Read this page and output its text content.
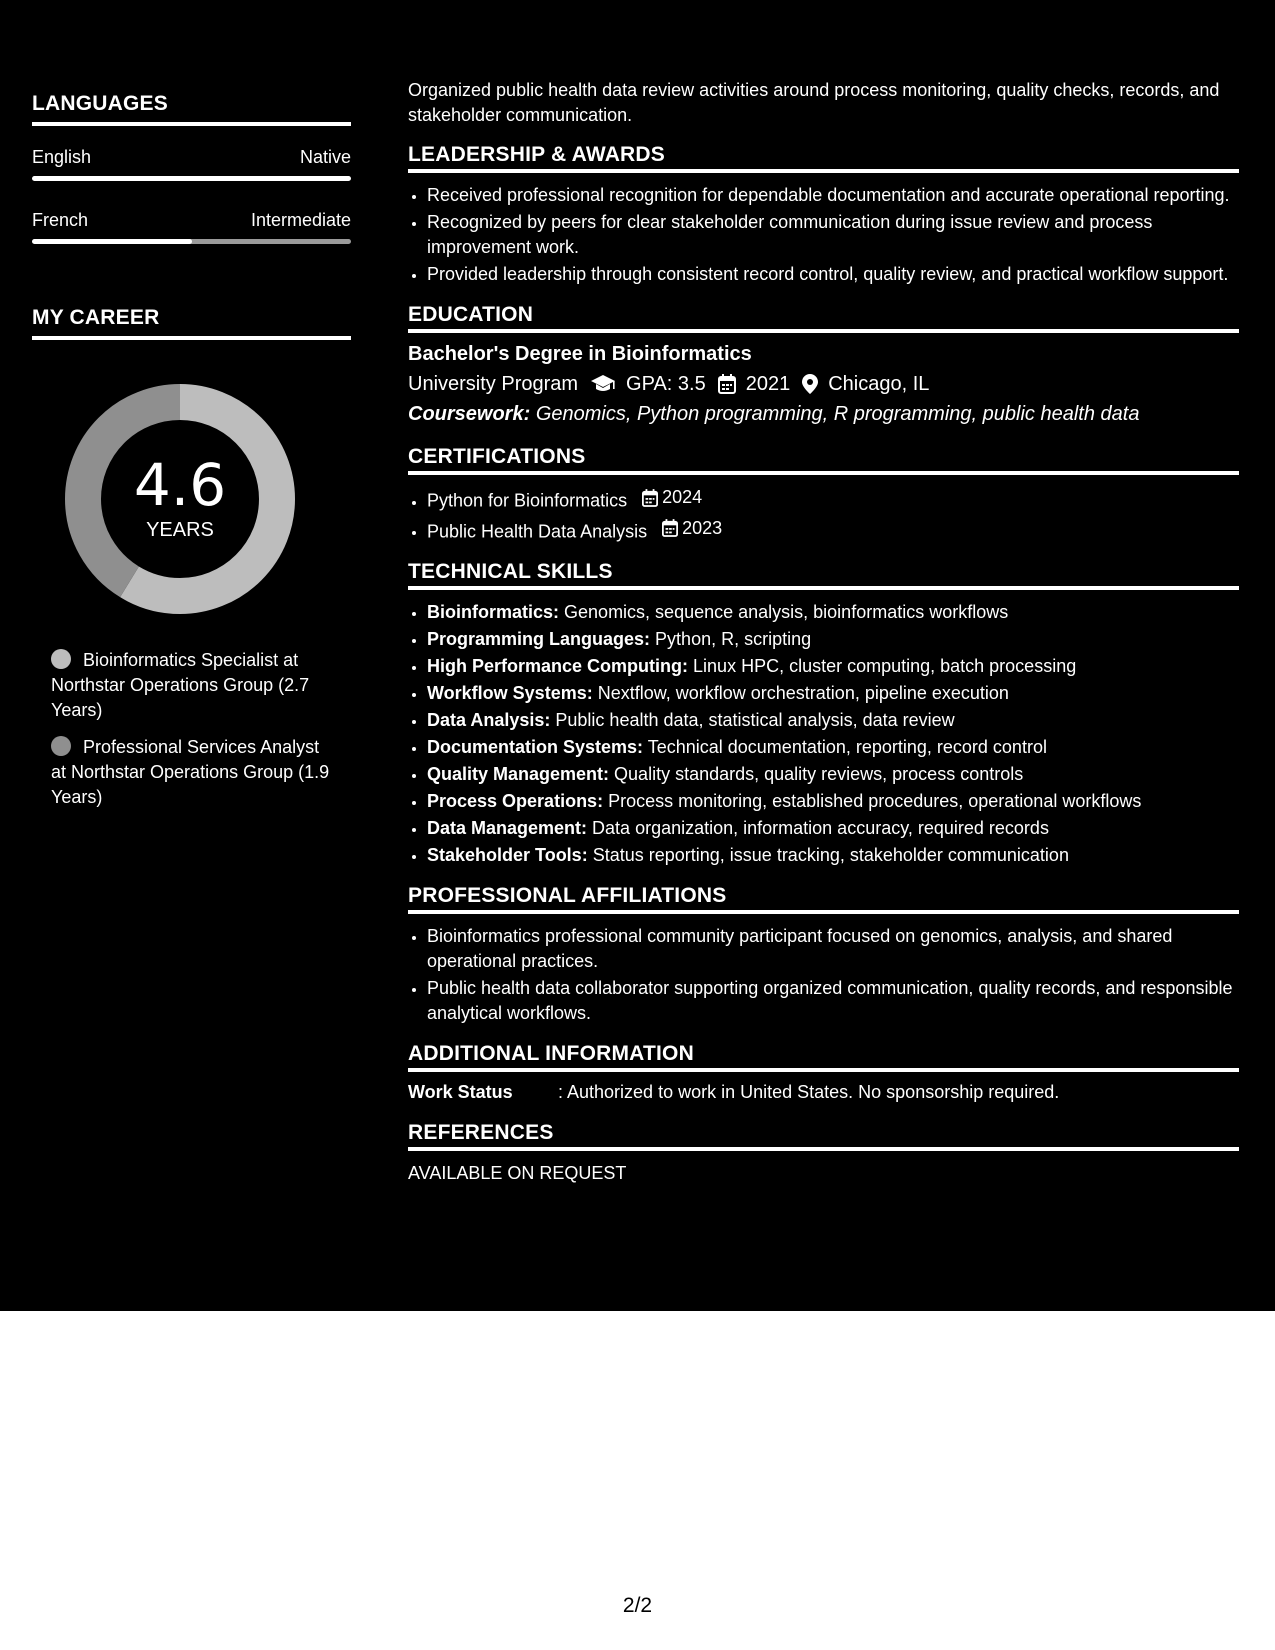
LANGUAGES
English	Native
French	Intermediate
MY CAREER
4.6
YEARS
Bioinformatics Specialist at Northstar Operations Group (2.7 Years)
Professional Services Analyst at Northstar Operations Group (1.9 Years)

Organized public health data review activities around process monitoring, quality checks, records, and stakeholder communication.

LEADERSHIP & AWARDS
• Received professional recognition for dependable documentation and accurate operational reporting.
• Recognized by peers for clear stakeholder communication during issue review and process improvement work.
• Provided leadership through consistent record control, quality review, and practical workflow support.
EDUCATION
Bachelor's Degree in Bioinformatics
University Program GPA: 3.5 2021 Chicago, IL
Coursework: Genomics, Python programming, R programming, public health data
CERTIFICATIONS
• Python for Bioinformatics 2024
• Public Health Data Analysis 2023
TECHNICAL SKILLS
• Bioinformatics: Genomics, sequence analysis, bioinformatics workflows
• Programming Languages: Python, R, scripting
• High Performance Computing: Linux HPC, cluster computing, batch processing
• Workflow Systems: Nextflow, workflow orchestration, pipeline execution
• Data Analysis: Public health data, statistical analysis, data review
• Documentation Systems: Technical documentation, reporting, record control
• Quality Management: Quality standards, quality reviews, process controls
• Process Operations: Process monitoring, established procedures, operational workflows
• Data Management: Data organization, information accuracy, required records
• Stakeholder Tools: Status reporting, issue tracking, stakeholder communication
PROFESSIONAL AFFILIATIONS
• Bioinformatics professional community participant focused on genomics, analysis, and shared operational practices.
• Public health data collaborator supporting organized communication, quality records, and responsible analytical workflows.
ADDITIONAL INFORMATION
Work Status	: Authorized to work in United States. No sponsorship required.
REFERENCES
AVAILABLE ON REQUEST
2/2
